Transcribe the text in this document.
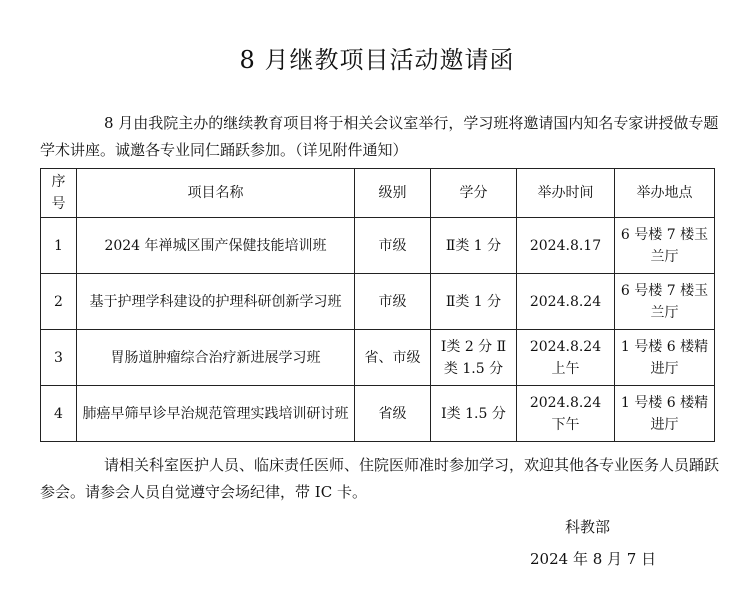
8 月继教项目活动邀请函
8 月由我院主办的继续教育项目将于相关会议室举行，学习班将邀请国内知名专家讲授做专题学术讲座。诚邀各专业同仁踊跃参加。（详见附件通知）
序号	项目名称	级别	学分	举办时间	举办地点
1	2024 年禅城区围产保健技能培训班	市级	Ⅱ类 1 分	2024.8.17	6 号楼 7 楼玉兰厅
2	基于护理学科建设的护理科研创新学习班	市级	Ⅱ类 1 分	2024.8.24	6 号楼 7 楼玉兰厅
3	胃肠道肿瘤综合治疗新进展学习班	省、市级	Ⅰ类 2 分 Ⅱ类 1.5 分	2024.8.24 上午	1 号楼 6 楼精进厅
4	肺癌早筛早诊早治规范管理实践培训研讨班	省级	Ⅰ类 1.5 分	2024.8.24 下午	1 号楼 6 楼精进厅
请相关科室医护人员、临床责任医师、住院医师准时参加学习，欢迎其他各专业医务人员踊跃参会。请参会人员自觉遵守会场纪律，带 IC 卡。
科教部
2024 年 8 月 7 日
